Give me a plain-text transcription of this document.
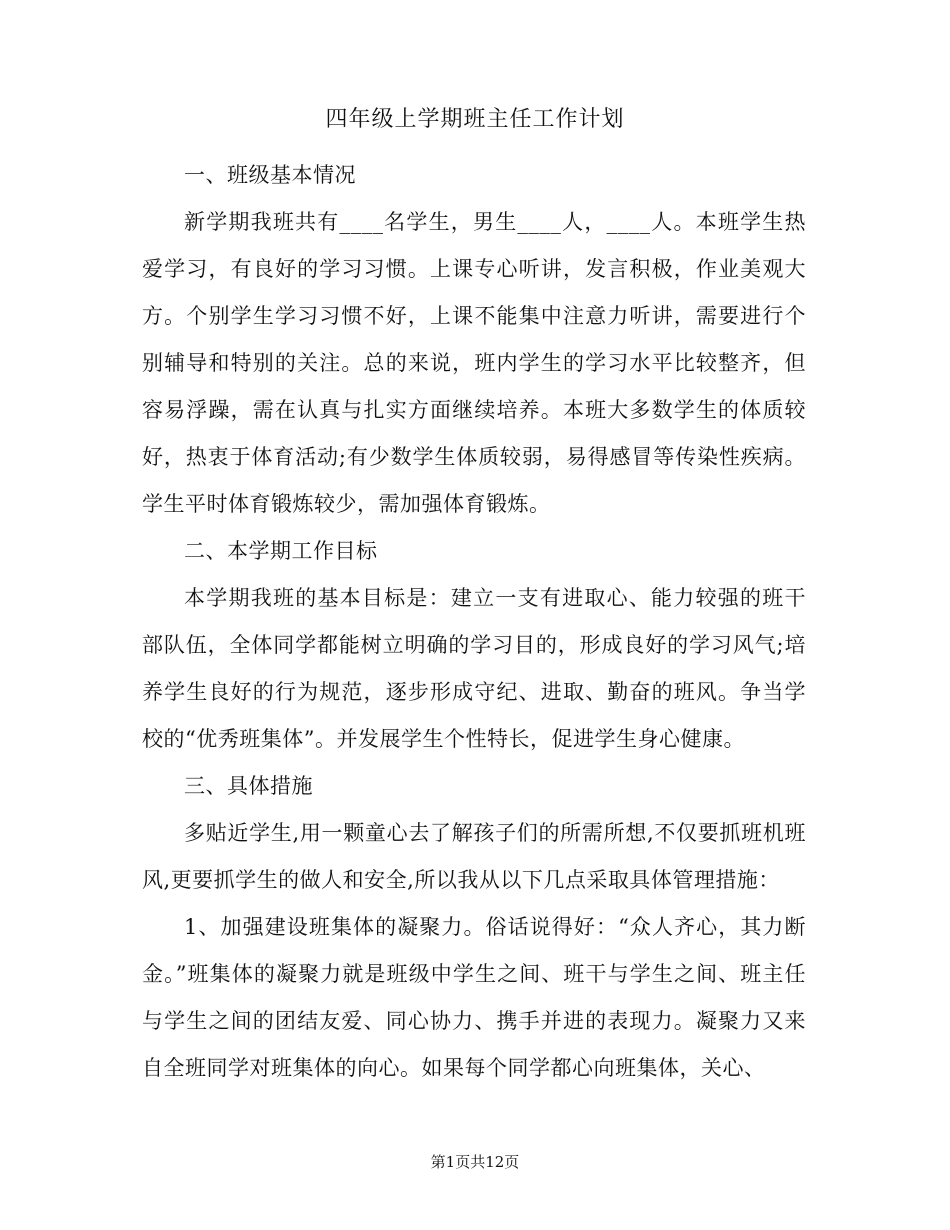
四年级上学期班主任工作计划

一、班级基本情况

新学期我班共有____名学生，男生____人，____人。本班学生热爱学习，有良好的学习习惯。上课专心听讲，发言积极，作业美观大方。个别学生学习习惯不好，上课不能集中注意力听讲，需要进行个别辅导和特别的关注。总的来说，班内学生的学习水平比较整齐，但容易浮躁，需在认真与扎实方面继续培养。本班大多数学生的体质较好，热衷于体育活动;有少数学生体质较弱，易得感冒等传染性疾病。学生平时体育锻炼较少，需加强体育锻炼。

二、本学期工作目标

本学期我班的基本目标是：建立一支有进取心、能力较强的班干部队伍，全体同学都能树立明确的学习目的，形成良好的学习风气;培养学生良好的行为规范，逐步形成守纪、进取、勤奋的班风。争当学校的“优秀班集体”。并发展学生个性特长，促进学生身心健康。

三、具体措施

多贴近学生,用一颗童心去了解孩子们的所需所想,不仅要抓班机班风,更要抓学生的做人和安全,所以我从以下几点采取具体管理措施：

1、加强建设班集体的凝聚力。俗话说得好：“众人齐心，其力断金。”班集体的凝聚力就是班级中学生之间、班干与学生之间、班主任与学生之间的团结友爱、同心协力、携手并进的表现力。凝聚力又来自全班同学对班集体的向心。如果每个同学都心向班集体，关心、

第1页共12页
